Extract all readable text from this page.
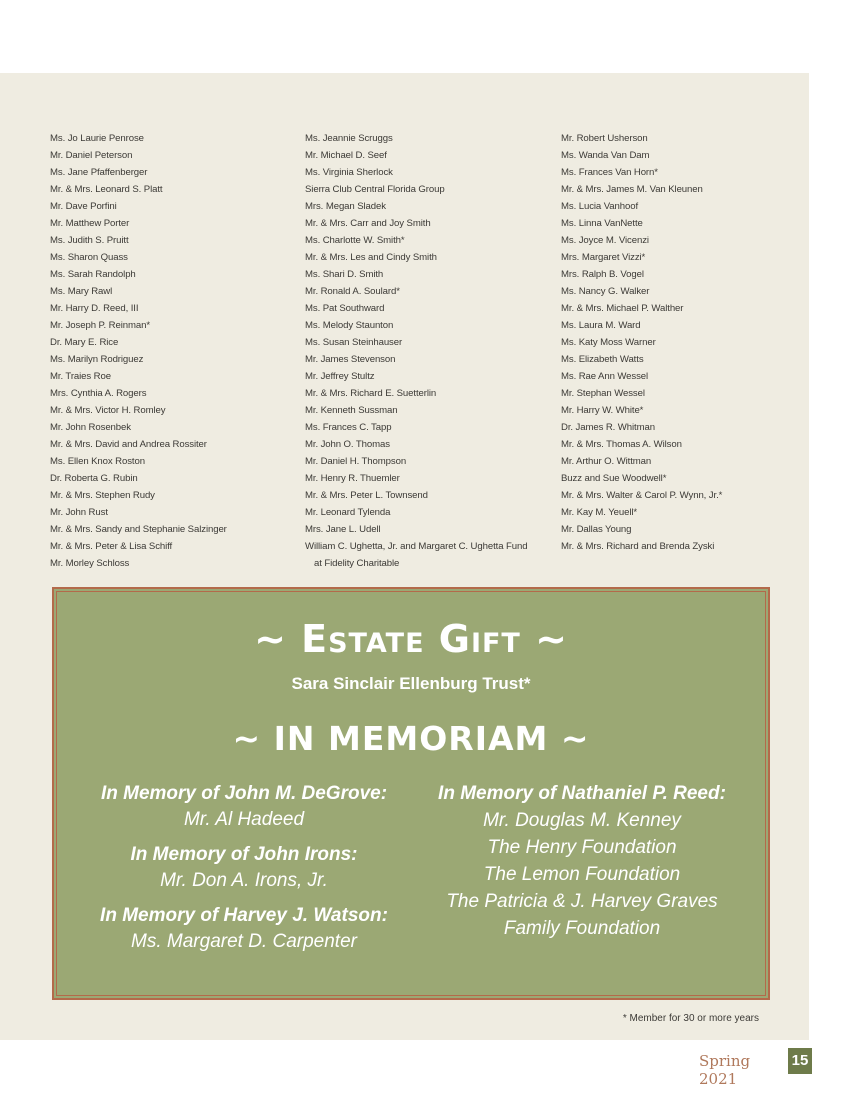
Ms. Jo Laurie Penrose
Mr. Daniel Peterson
Ms. Jane Pfaffenberger
Mr. & Mrs. Leonard S. Platt
Mr. Dave Porfini
Mr. Matthew Porter
Ms. Judith S. Pruitt
Ms. Sharon Quass
Ms. Sarah Randolph
Ms. Mary Rawl
Mr. Harry D. Reed, III
Mr. Joseph P. Reinman*
Dr. Mary E. Rice
Ms. Marilyn Rodriguez
Mr. Traies Roe
Mrs. Cynthia A. Rogers
Mr. & Mrs. Victor H. Romley
Mr. John Rosenbek
Mr. & Mrs. David and Andrea Rossiter
Ms. Ellen Knox Roston
Dr. Roberta G. Rubin
Mr. & Mrs. Stephen Rudy
Mr. John Rust
Mr. & Mrs. Sandy and Stephanie Salzinger
Mr. & Mrs. Peter & Lisa Schiff
Mr. Morley Schloss
Ms. Jeannie Scruggs
Mr. Michael D. Seef
Ms. Virginia Sherlock
Sierra Club Central Florida Group
Mrs. Megan Sladek
Mr. & Mrs. Carr and Joy Smith
Ms. Charlotte W. Smith*
Mr. & Mrs. Les and Cindy Smith
Ms. Shari D. Smith
Mr. Ronald A. Soulard*
Ms. Pat Southward
Ms. Melody Staunton
Ms. Susan Steinhauser
Mr. James Stevenson
Mr. Jeffrey Stultz
Mr. & Mrs. Richard E. Suetterlin
Mr. Kenneth Sussman
Ms. Frances C. Tapp
Mr. John O. Thomas
Mr. Daniel H. Thompson
Mr. Henry R. Thuemler
Mr. & Mrs. Peter L. Townsend
Mr. Leonard Tylenda
Mrs. Jane L. Udell
William C. Ughetta, Jr. and Margaret C. Ughetta Fund
at Fidelity Charitable
Mr. Robert Usherson
Ms. Wanda Van Dam
Ms. Frances Van Horn*
Mr. & Mrs. James M. Van Kleunen
Ms. Lucia Vanhoof
Ms. Linna VanNette
Ms. Joyce M. Vicenzi
Mrs. Margaret Vizzi*
Mrs. Ralph B. Vogel
Ms. Nancy G. Walker
Mr. & Mrs. Michael P. Walther
Ms. Laura M. Ward
Ms. Katy Moss Warner
Ms. Elizabeth Watts
Ms. Rae Ann Wessel
Mr. Stephan Wessel
Mr. Harry W. White*
Dr. James R. Whitman
Mr. & Mrs. Thomas A. Wilson
Mr. Arthur O. Wittman
Buzz and Sue Woodwell*
Mr. & Mrs. Walter & Carol P. Wynn, Jr.*
Mr. Kay M. Yeuell*
Mr. Dallas Young
Mr. & Mrs. Richard and Brenda Zyski
~ Estate Gift ~
Sara Sinclair Ellenburg Trust*
~ IN MEMORIAM ~
In Memory of John M. DeGrove:
Mr. Al Hadeed
In Memory of John Irons:
Mr. Don A. Irons, Jr.
In Memory of Harvey J. Watson:
Ms. Margaret D. Carpenter
In Memory of Nathaniel P. Reed:
Mr. Douglas M. Kenney
The Henry Foundation
The Lemon Foundation
The Patricia & J. Harvey Graves
Family Foundation
* Member for 30 or more years
Spring 2021
15
